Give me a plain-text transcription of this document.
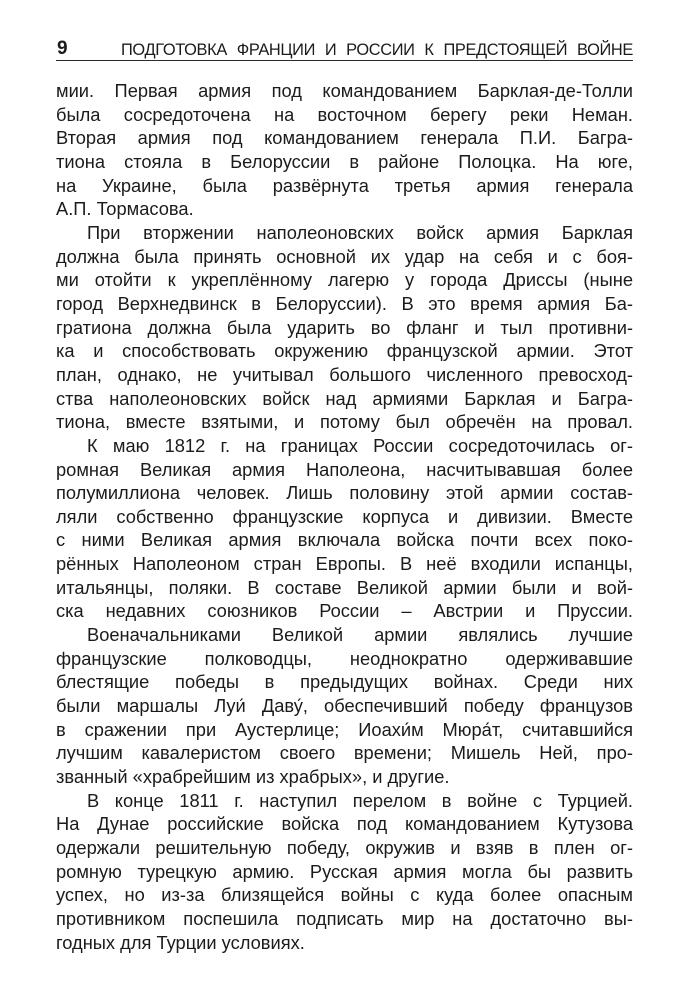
9	ПОДГОТОВКА ФРАНЦИИ И РОССИИ К ПРЕДСТОЯЩЕЙ ВОЙНЕ
мии. Первая армия под командованием Барклая-де-Толли
была сосредоточена на восточном берегу реки Неман.
Вторая армия под командованием генерала П.И. Багра-
тиона стояла в Белоруссии в районе Полоцка. На юге,
на Украине, была развёрнута третья армия генерала
А.П. Тормасова.
При вторжении наполеоновских войск армия Барклая
должна была принять основной их удар на себя и с боя-
ми отойти к укреплённому лагерю у города Дриссы (ныне
город Верхнедвинск в Белоруссии). В это время армия Ба-
гратиона должна была ударить во фланг и тыл противни-
ка и способствовать окружению французской армии. Этот
план, однако, не учитывал большого численного превосход-
ства наполеоновских войск над армиями Барклая и Багра-
тиона, вместе взятыми, и потому был обречён на провал.
К маю 1812 г. на границах России сосредоточилась ог-
ромная Великая армия Наполеона, насчитывавшая более
полумиллиона человек. Лишь половину этой армии состав-
ляли собственно французские корпуса и дивизии. Вместе
с ними Великая армия включала войска почти всех поко-
рённых Наполеоном стран Европы. В неё входили испанцы,
итальянцы, поляки. В составе Великой армии были и вой-
ска недавних союзников России – Австрии и Пруссии.
Военачальниками Великой армии являлись лучшие
французские полководцы, неоднократно одерживавшие
блестящие победы в предыдущих войнах. Среди них
были маршалы Луи́ Даву́, обеспечивший победу французов
в сражении при Аустерлице; Иоахи́м Мюра́т, считавшийся
лучшим кавалеристом своего времени; Мишель Ней, про-
званный «храбрейшим из храбрых», и другие.
В конце 1811 г. наступил перелом в войне с Турцией.
На Дунае российские войска под командованием Кутузова
одержали решительную победу, окружив и взяв в плен ог-
ромную турецкую армию. Русская армия могла бы развить
успех, но из-за близящейся войны с куда более опасным
противником поспешила подписать мир на достаточно вы-
годных для Турции условиях.
